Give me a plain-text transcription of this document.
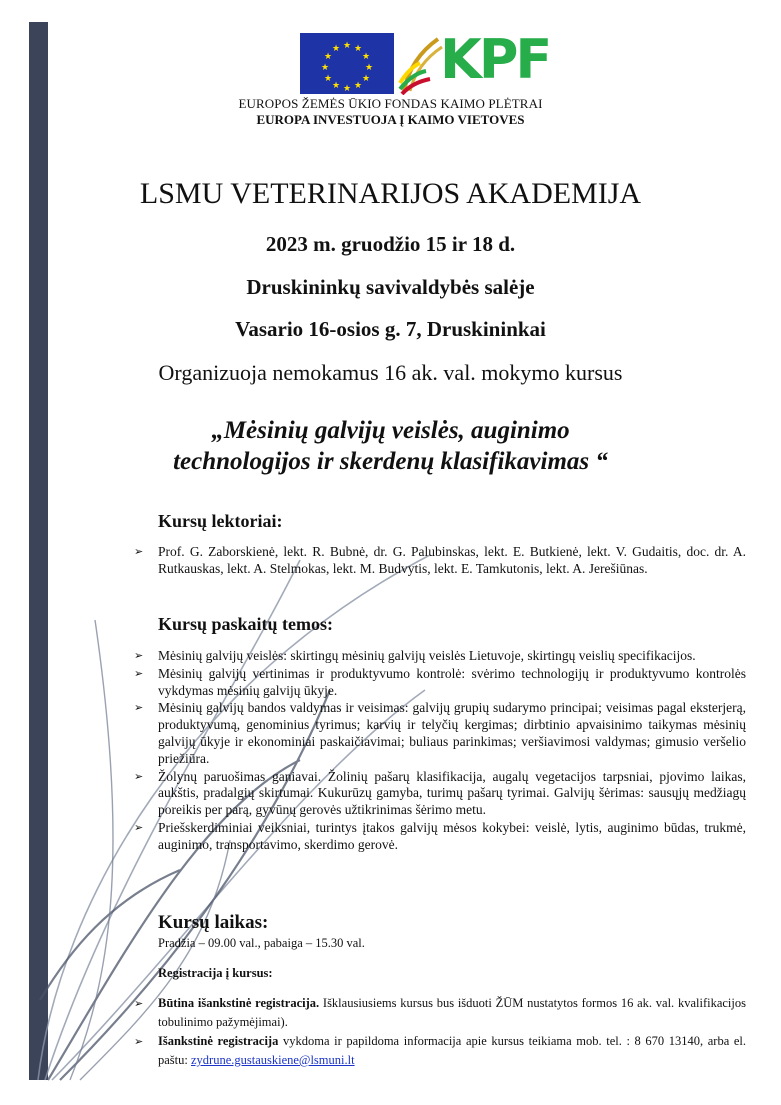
★ ★
★
★
★
★
★
★
★
★
★
★ KPF
EUROPOS ŽEMĖS ŪKIO FONDAS KAIMO PLĖTRAI
EUROPA INVESTUOJA Į KAIMO VIETOVES
LSMU VETERINARIJOS AKADEMIJA
2023 m. gruodžio 15 ir 18 d.
Druskininkų savivaldybės salėje
Vasario 16-osios g. 7, Druskininkai
Organizuoja nemokamus 16 ak. val. mokymo kursus
„Mėsinių galvijų veislės, auginimo
technologijos ir skerdenų klasifikavimas “
Kursų lektoriai:
➢ Prof. G. Zaborskienė, lekt. R. Bubnė, dr. G. Palubinskas, lekt. E. Butkienė, lekt. V. Gudaitis, doc. dr. A. Rutkauskas, lekt. A. Stelmokas, lekt. M. Budvytis, lekt. E. Tamkutonis, lekt. A. Jerešiūnas.
Kursų paskaitų temos:
➢ Mėsinių galvijų veislės: skirtingų mėsinių galvijų veislės Lietuvoje, skirtingų veislių specifikacijos.
➢ Mėsinių galvijų vertinimas ir produktyvumo kontrolė: svėrimo technologijų ir produktyvumo kontrolės vykdymas mėsinių galvijų ūkyje.
➢ Mėsinių galvijų bandos valdymas ir veisimas: galvijų grupių sudarymo principai; veisimas pagal eksterjerą, produktyvumą, genominius tyrimus; karvių ir telyčių kergimas; dirbtinio apvaisinimo taikymas mėsinių galvijų ūkyje ir ekonominiai paskaičiavimai; buliaus parinkimas; veršiavimosi valdymas; gimusio veršelio priežiūra.
➢ Žolynų paruošimas ganiavai. Žolinių pašarų klasifikacija, augalų vegetacijos tarpsniai, pjovimo laikas, aukštis, pradalgių skirtumai. Kukurūzų gamyba, turimų pašarų tyrimai. Galvijų šėrimas: sausųjų medžiagų poreikis per parą, gyvūnų gerovės užtikrinimas šėrimo metu.
➢ Priešskerdiminiai veiksniai, turintys įtakos galvijų mėsos kokybei: veislė, lytis, auginimo būdas, trukmė, auginimo, transportavimo, skerdimo gerovė.
Kursų laikas:
Pradžia – 09.00 val., pabaiga – 15.30 val.
Registracija į kursus:
➢ Būtina išankstinė registracija. Išklausiusiems kursus bus išduoti ŽŪM nustatytos formos 16 ak. val. kvalifikacijos tobulinimo pažymėjimai).
➢ Išankstinė registracija vykdoma ir papildoma informacija apie kursus teikiama mob. tel. : 8 670 13140, arba el. paštu: zydrune.gustauskiene@lsmuni.lt
